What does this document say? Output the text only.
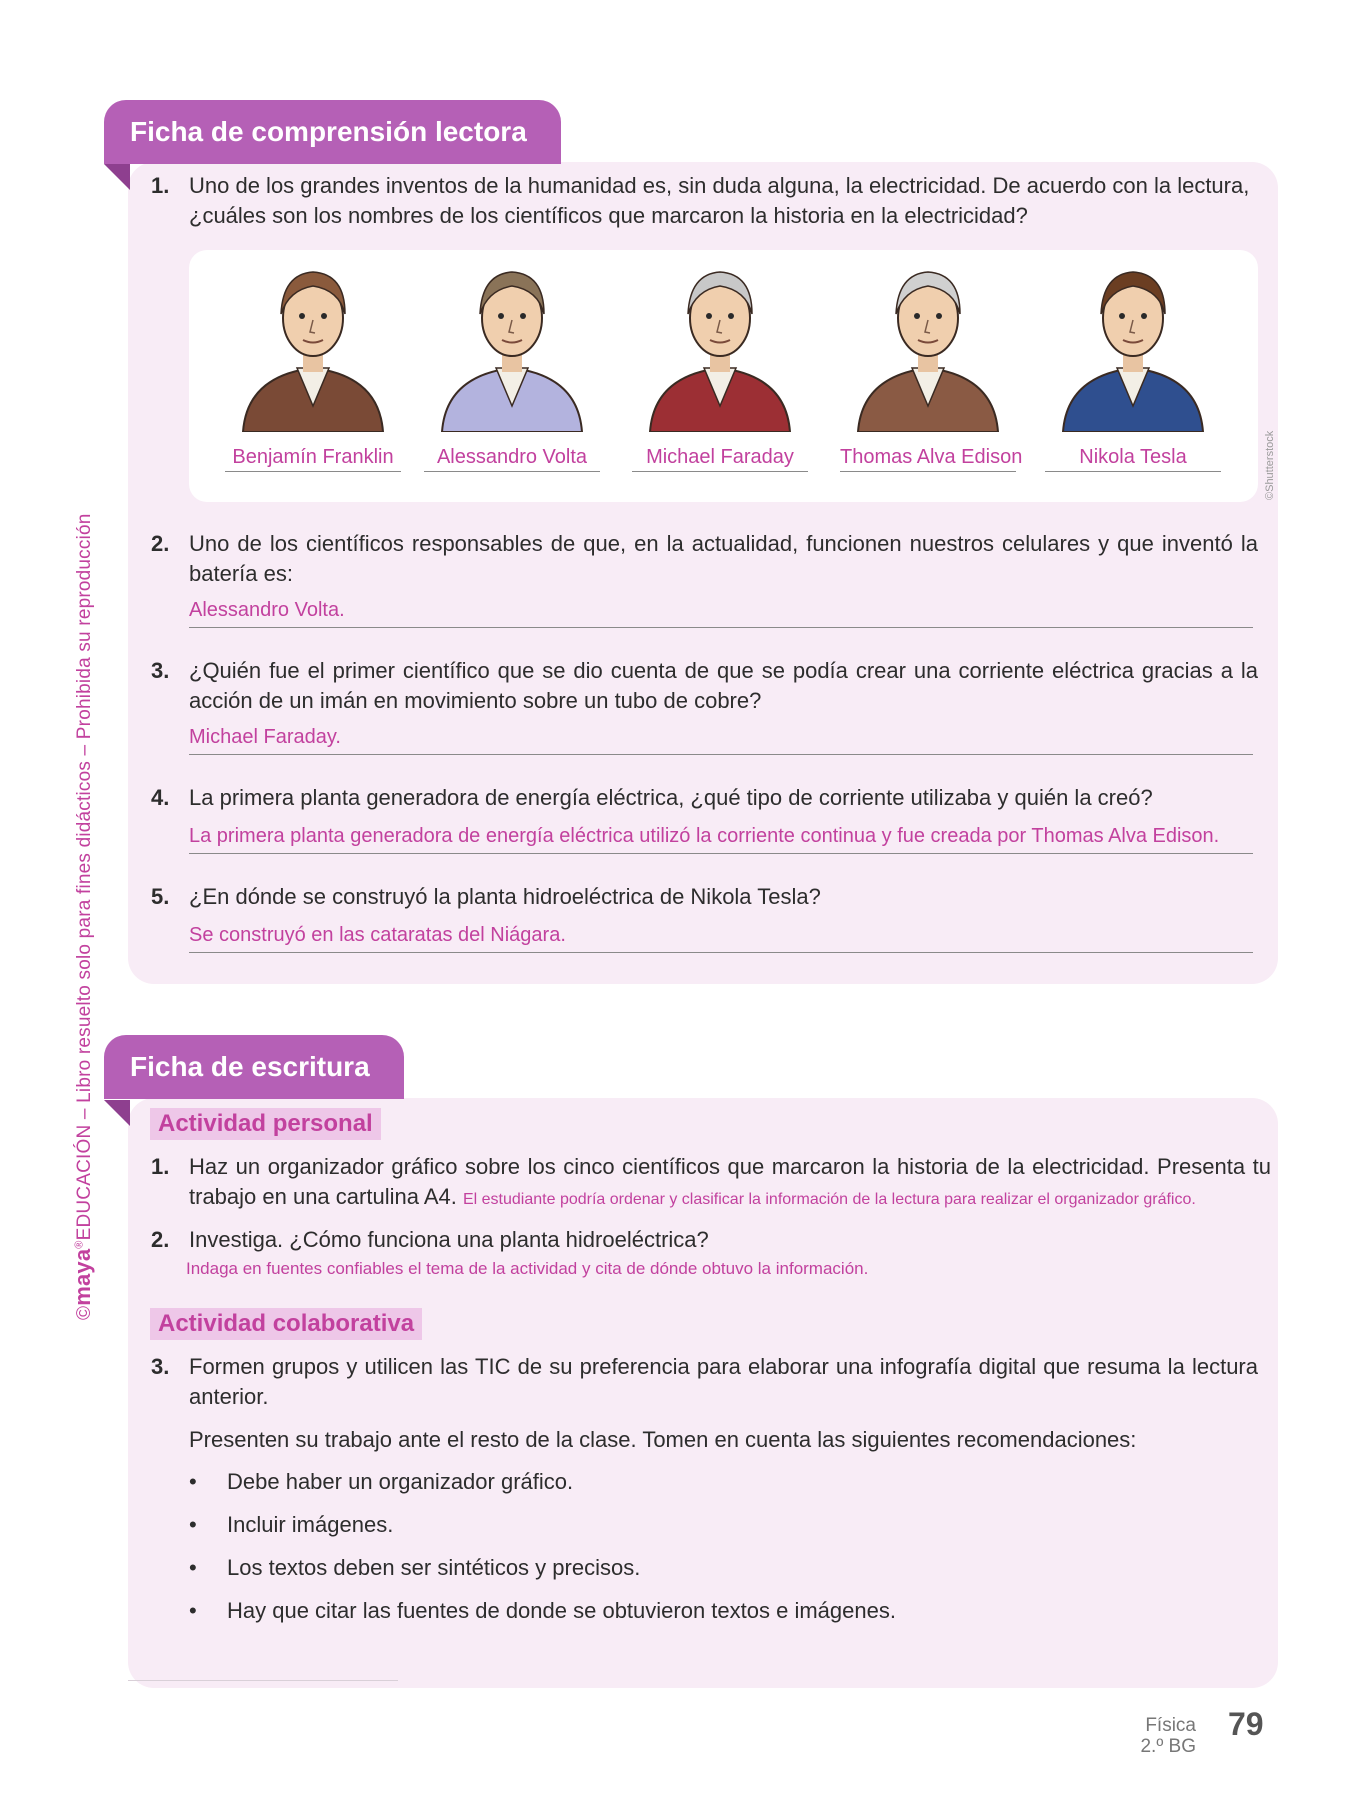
©maya®EDUCACIÓN – Libro resuelto solo para fines didácticos – Prohibida su reproducción
Ficha de comprensión lectora
1. Uno de los grandes inventos de la humanidad es, sin duda alguna, la electricidad. De acuerdo con la lectura, ¿cuáles son los nombres de los científicos que marcaron la historia en la electricidad?
Benjamín Franklin	Alessandro Volta	Michael Faraday	Thomas Alva Edison	Nikola Tesla	©Shutterstock
2. Uno de los científicos responsables de que, en la actualidad, funcionen nuestros celulares y que inventó la batería es:
Alessandro Volta.
3. ¿Quién fue el primer científico que se dio cuenta de que se podía crear una corriente eléctrica gracias a la acción de un imán en movimiento sobre un tubo de cobre?
Michael Faraday.
4. La primera planta generadora de energía eléctrica, ¿qué tipo de corriente utilizaba y quién la creó?
La primera planta generadora de energía eléctrica utilizó la corriente continua y fue creada por Thomas Alva Edison.
5. ¿En dónde se construyó la planta hidroeléctrica de Nikola Tesla?
Se construyó en las cataratas del Niágara.
Ficha de escritura
Actividad personal
1. Haz un organizador gráfico sobre los cinco científicos que marcaron la historia de la electricidad. Presenta tu trabajo en una cartulina A4. El estudiante podría ordenar y clasificar la información de la lectura para realizar el organizador gráfico.
2. Investiga. ¿Cómo funciona una planta hidroeléctrica?
Indaga en fuentes confiables el tema de la actividad y cita de dónde obtuvo la información.
Actividad colaborativa
3. Formen grupos y utilicen las TIC de su preferencia para elaborar una infografía digital que resuma la lectura anterior.
Presenten su trabajo ante el resto de la clase. Tomen en cuenta las siguientes recomendaciones:
• Debe haber un organizador gráfico.
• Incluir imágenes.
• Los textos deben ser sintéticos y precisos.
• Hay que citar las fuentes de donde se obtuvieron textos e imágenes.
Física
2.º BG
79
